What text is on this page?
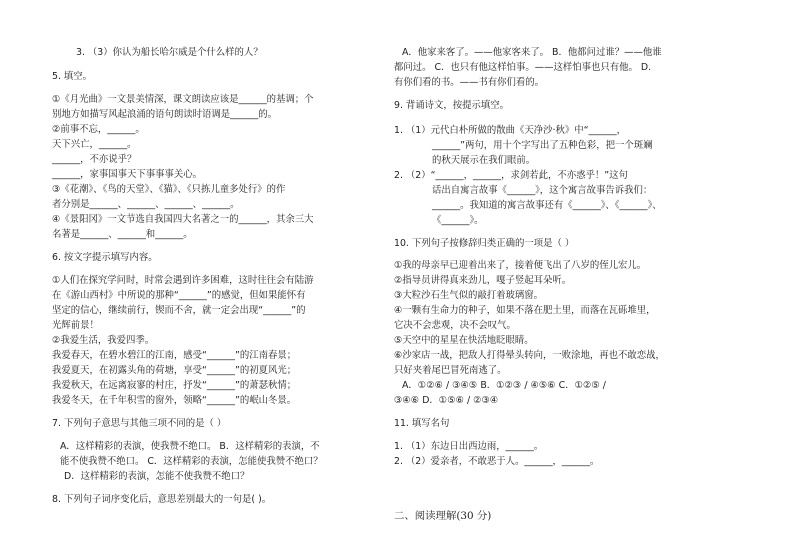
3. （3）你认为船长哈尔威是个什么样的人？
5. 填空。
①《月光曲》一文景美情深，课文朗读应该是______的基调；个
别地方如描写风起浪涌的语句朗读时语调是______的。
②前事不忘，______。
天下兴亡，______。
______，不亦说乎？
______，家事国事天下事事事关心。
③《花潮》、《鸟的天堂》、《猫》、《只拣儿童多处行》的作
者分别是______、______、______、______。
④《景阳冈》一文节选自我国四大名著之一的______，其余三大
名著是______、______和______。
6. 按文字提示填写内容。
①人们在探究学问时，时常会遇到许多困难，这时往往会有陆游
在《游山西村》中所说的那种“______”的感觉，但如果能怀有
坚定的信心，继续前行，锲而不舍，就一定会出现“______”的
光辉前景！
②我爱生活，我爱四季。
我爱春天，在碧水碧江的江南，感受“______”的江南春景；
我爱夏天，在初露头角的荷塘，享受“______”的初夏风光；
我爱秋天，在远离寂寥的村庄，抒发“______”的萧瑟秋情；
我爱冬天，在千年积雪的窗外，领略“______”的岷山冬景。
7. 下列句子意思与其他三项不同的是（ ）
A．这样精彩的表演，使我赞不绝口。 B．这样精彩的表演，不
能不使我赞不绝口。 C．这样精彩的表演，怎能使我赞不绝口？
D．这样精彩的表演，怎能不使我赞不绝口？
8. 下列句子词序变化后，意思差别最大的一句是( )。
A．他家来客了。——他家客来了。 B．他都问过谁？——他谁
都问过。 C．也只有他这样怕事。——这样怕事也只有他。 D.
有你们看的书。——书有你们看的。
9. 背诵诗文，按提示填空。
1. （1）元代白朴所做的散曲《天净沙·秋》中“______，
______”两句，用十个字写出了五种色彩，把一个斑斓
的秋天展示在我们眼前。
2. （2）“______，______，求剑若此，不亦惑乎！”这句
话出自寓言故事《______》，这个寓言故事告诉我们：
______。我知道的寓言故事还有《______》、《______》、
《______》。
10. 下列句子按修辞归类正确的一项是（ ）
①我的母亲早已迎着出来了，接着便飞出了八岁的侄儿宏儿。
②指导员讲得真来劲儿，嘎子竖起耳朵听。
③大粒沙石生气似的敲打着玻璃窗。
④一颗有生命力的种子，如果不落在肥土里，而落在瓦砾堆里，
它决不会悲观，决不会叹气。
⑤天空中的星星在快活地眨眼睛。
⑥沙家店一战，把敌人打得晕头转向，一败涂地，再也不敢恋战，
只好夹着尾巴冒死南逃了。
A．①②⑥ / ③④⑤ B．①②③ / ④⑤⑥ C．①②⑤ /
③④⑥ D．①⑤⑥ / ②③④
11. 填写名句
1. （1）东边日出西边雨，______。
2. （2）爱亲者，不敢恶于人。______，______。
二、阅读理解(30 分)
